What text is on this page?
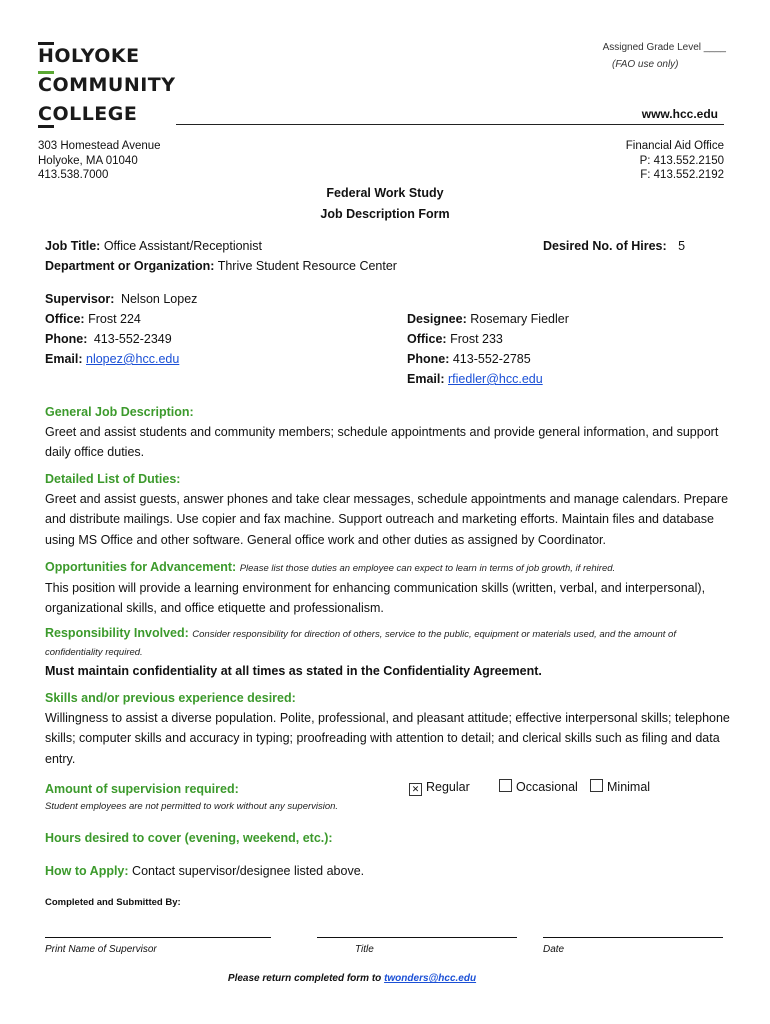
HOLYOKE
COMMUNITY
COLLEGE
Assigned Grade Level ____
(FAO use only)
www.hcc.edu
303 Homestead Avenue
Holyoke, MA 01040
413.538.7000
Financial Aid Office
P: 413.552.2150
F: 413.552.2192
Federal Work Study
Job Description Form
Job Title: Office Assistant/Receptionist	Desired No. of Hires: 5
Department or Organization: Thrive Student Resource Center
Supervisor: Nelson Lopez
Office: Frost 224
Phone: 413-552-2349
Email: nlopez@hcc.edu
Designee: Rosemary Fiedler
Office: Frost 233
Phone: 413-552-2785
Email: rfiedler@hcc.edu
General Job Description:
Greet and assist students and community members; schedule appointments and provide general information, and support daily office duties.
Detailed List of Duties:
Greet and assist guests, answer phones and take clear messages, schedule appointments and manage calendars. Prepare and distribute mailings. Use copier and fax machine. Support outreach and marketing efforts. Maintain files and database using MS Office and other software. General office work and other duties as assigned by Coordinator.
Opportunities for Advancement: Please list those duties an employee can expect to learn in terms of job growth, if rehired.
This position will provide a learning environment for enhancing communication skills (written, verbal, and interpersonal), organizational skills, and office etiquette and professionalism.
Responsibility Involved: Consider responsibility for direction of others, service to the public, equipment or materials used, and the amount of confidentiality required.
Must maintain confidentiality at all times as stated in the Confidentiality Agreement.
Skills and/or previous experience desired:
Willingness to assist a diverse population. Polite, professional, and pleasant attitude; effective interpersonal skills; telephone skills; computer skills and accuracy in typing; proofreading with attention to detail; and clerical skills such as filing and data entry.
Amount of supervision required:	✕ Regular	Occasional	Minimal
Student employees are not permitted to work without any supervision.
Hours desired to cover (evening, weekend, etc.):
How to Apply: Contact supervisor/designee listed above.
Completed and Submitted By:
Print Name of Supervisor	Title	Date
Please return completed form to twonders@hcc.edu
